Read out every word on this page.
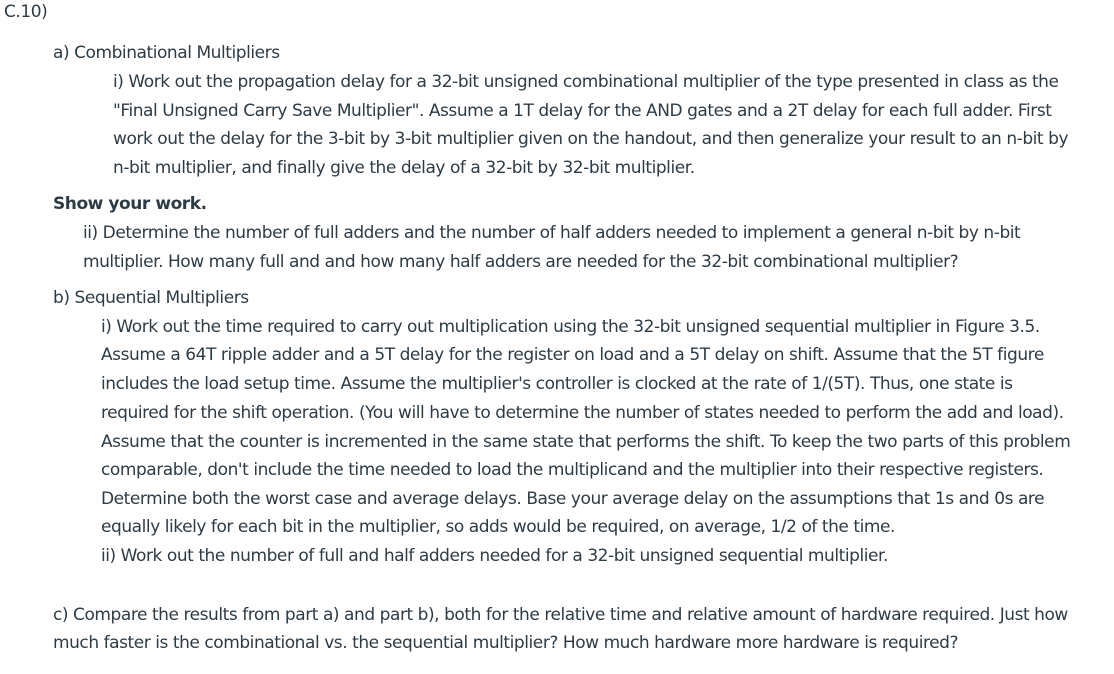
C.10)
a) Combinational Multipliers
i) Work out the propagation delay for a 32-bit unsigned combinational multiplier of the type presented in class as the
"Final Unsigned Carry Save Multiplier". Assume a 1T delay for the AND gates and a 2T delay for each full adder. First
work out the delay for the 3-bit by 3-bit multiplier given on the handout, and then generalize your result to an n-bit by
n-bit multiplier, and finally give the delay of a 32-bit by 32-bit multiplier.
Show your work.
ii) Determine the number of full adders and the number of half adders needed to implement a general n-bit by n-bit
multiplier. How many full and and how many half adders are needed for the 32-bit combinational multiplier?
b) Sequential Multipliers
i) Work out the time required to carry out multiplication using the 32-bit unsigned sequential multiplier in Figure 3.5.
Assume a 64T ripple adder and a 5T delay for the register on load and a 5T delay on shift. Assume that the 5T figure
includes the load setup time. Assume the multiplier's controller is clocked at the rate of 1/(5T). Thus, one state is
required for the shift operation. (You will have to determine the number of states needed to perform the add and load).
Assume that the counter is incremented in the same state that performs the shift. To keep the two parts of this problem
comparable, don't include the time needed to load the multiplicand and the multiplier into their respective registers.
Determine both the worst case and average delays. Base your average delay on the assumptions that 1s and 0s are
equally likely for each bit in the multiplier, so adds would be required, on average, 1/2 of the time.
ii) Work out the number of full and half adders needed for a 32-bit unsigned sequential multiplier.
c) Compare the results from part a) and part b), both for the relative time and relative amount of hardware required. Just how
much faster is the combinational vs. the sequential multiplier? How much hardware more hardware is required?
